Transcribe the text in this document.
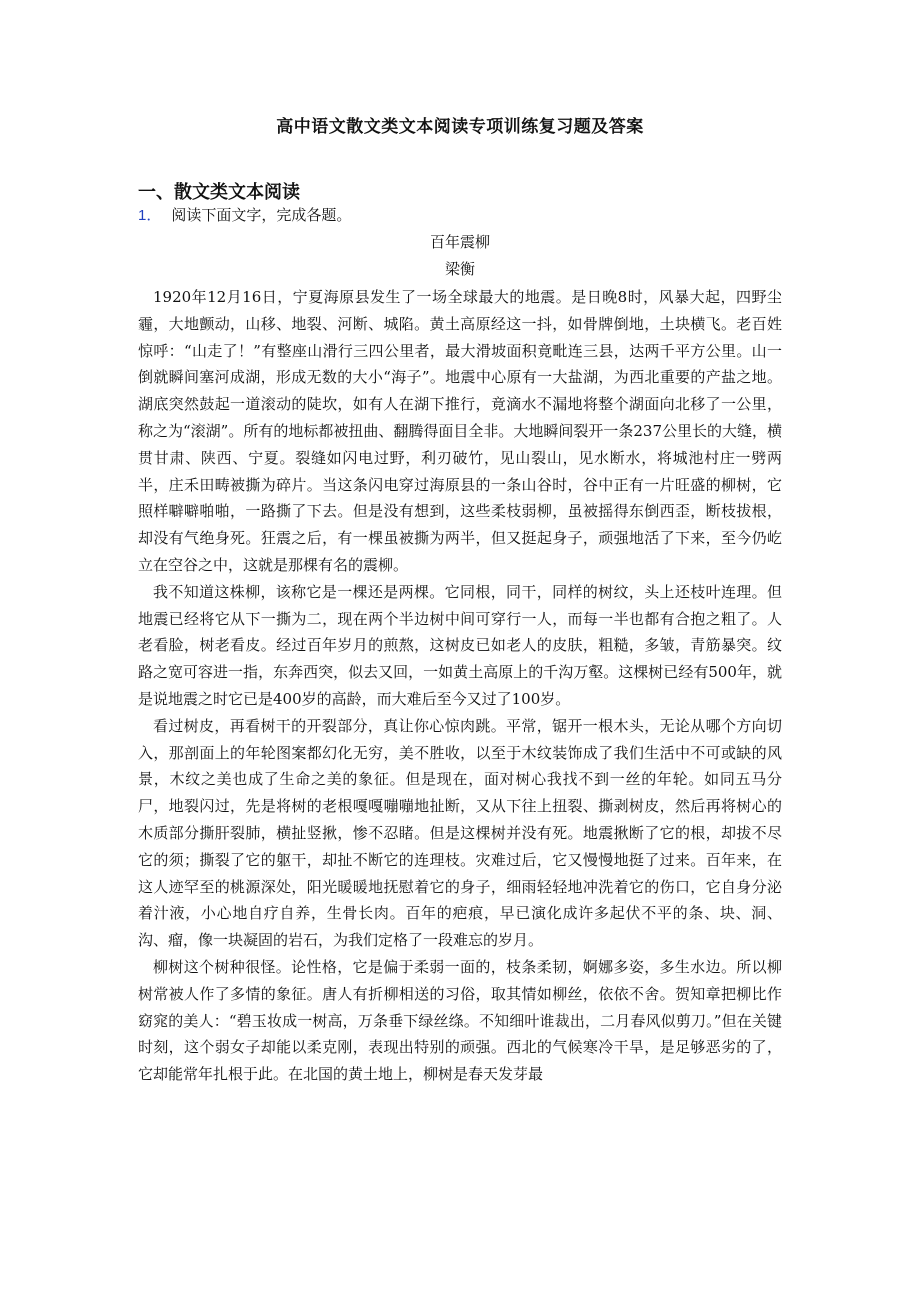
高中语文散文类文本阅读专项训练复习题及答案
一、散文类文本阅读
1． 阅读下面文字，完成各题。
百年震柳
梁衡

1920年12月16日，宁夏海原县发生了一场全球最大的地震。是日晚8时，风暴大起，四野尘霾，大地颤动，山移、地裂、河断、城陷。黄土高原经这一抖，如骨牌倒地，土块横飞。老百姓惊呼：“山走了！”有整座山滑行三四公里者，最大滑坡面积竟毗连三县，达两千平方公里。山一倒就瞬间塞河成湖，形成无数的大小“海子”。地震中心原有一大盐湖，为西北重要的产盐之地。湖底突然鼓起一道滚动的陡坎，如有人在湖下推行，竟滴水不漏地将整个湖面向北移了一公里，称之为“滚湖”。所有的地标都被扭曲、翻腾得面目全非。大地瞬间裂开一条237公里长的大缝，横贯甘肃、陕西、宁夏。裂缝如闪电过野，利刃破竹，见山裂山，见水断水，将城池村庄一劈两半，庄禾田畴被撕为碎片。当这条闪电穿过海原县的一条山谷时，谷中正有一片旺盛的柳树，它照样噼噼啪啪，一路撕了下去。但是没有想到，这些柔枝弱柳，虽被摇得东倒西歪，断枝拔根，却没有气绝身死。狂震之后，有一棵虽被撕为两半，但又挺起身子，顽强地活了下来，至今仍屹立在空谷之中，这就是那棵有名的震柳。

我不知道这株柳，该称它是一棵还是两棵。它同根，同干，同样的树纹，头上还枝叶连理。但地震已经将它从下一撕为二，现在两个半边树中间可穿行一人，而每一半也都有合抱之粗了。人老看脸，树老看皮。经过百年岁月的煎熬，这树皮已如老人的皮肤，粗糙，多皱，青筋暴突。纹路之宽可容进一指，东奔西突，似去又回，一如黄土高原上的千沟万壑。这棵树已经有500年，就是说地震之时它已是400岁的高龄，而大难后至今又过了100岁。

看过树皮，再看树干的开裂部分，真让你心惊肉跳。平常，锯开一根木头，无论从哪个方向切入，那剖面上的年轮图案都幻化无穷，美不胜收，以至于木纹装饰成了我们生活中不可或缺的风景，木纹之美也成了生命之美的象征。但是现在，面对树心我找不到一丝的年轮。如同五马分尸，地裂闪过，先是将树的老根嘎嘎嘣嘣地扯断，又从下往上扭裂、撕剥树皮，然后再将树心的木质部分撕肝裂肺，横扯竖揪，惨不忍睹。但是这棵树并没有死。地震揪断了它的根，却拔不尽它的须；撕裂了它的躯干，却扯不断它的连理枝。灾难过后，它又慢慢地挺了过来。百年来，在这人迹罕至的桃源深处，阳光暖暖地抚慰着它的身子，细雨轻轻地冲洗着它的伤口，它自身分泌着汁液，小心地自疗自养，生骨长肉。百年的疤痕，早已演化成许多起伏不平的条、块、洞、沟、瘤，像一块凝固的岩石，为我们定格了一段难忘的岁月。

柳树这个树种很怪。论性格，它是偏于柔弱一面的，枝条柔韧，婀娜多姿，多生水边。所以柳树常被人作了多情的象征。唐人有折柳相送的习俗，取其情如柳丝，依依不舍。贺知章把柳比作窈窕的美人：“碧玉妆成一树高，万条垂下绿丝绦。不知细叶谁裁出，二月春风似剪刀。”但在关键时刻，这个弱女子却能以柔克刚，表现出特别的顽强。西北的气候寒冷干旱，是足够恶劣的了，它却能常年扎根于此。在北国的黄土地上，柳树是春天发芽最
